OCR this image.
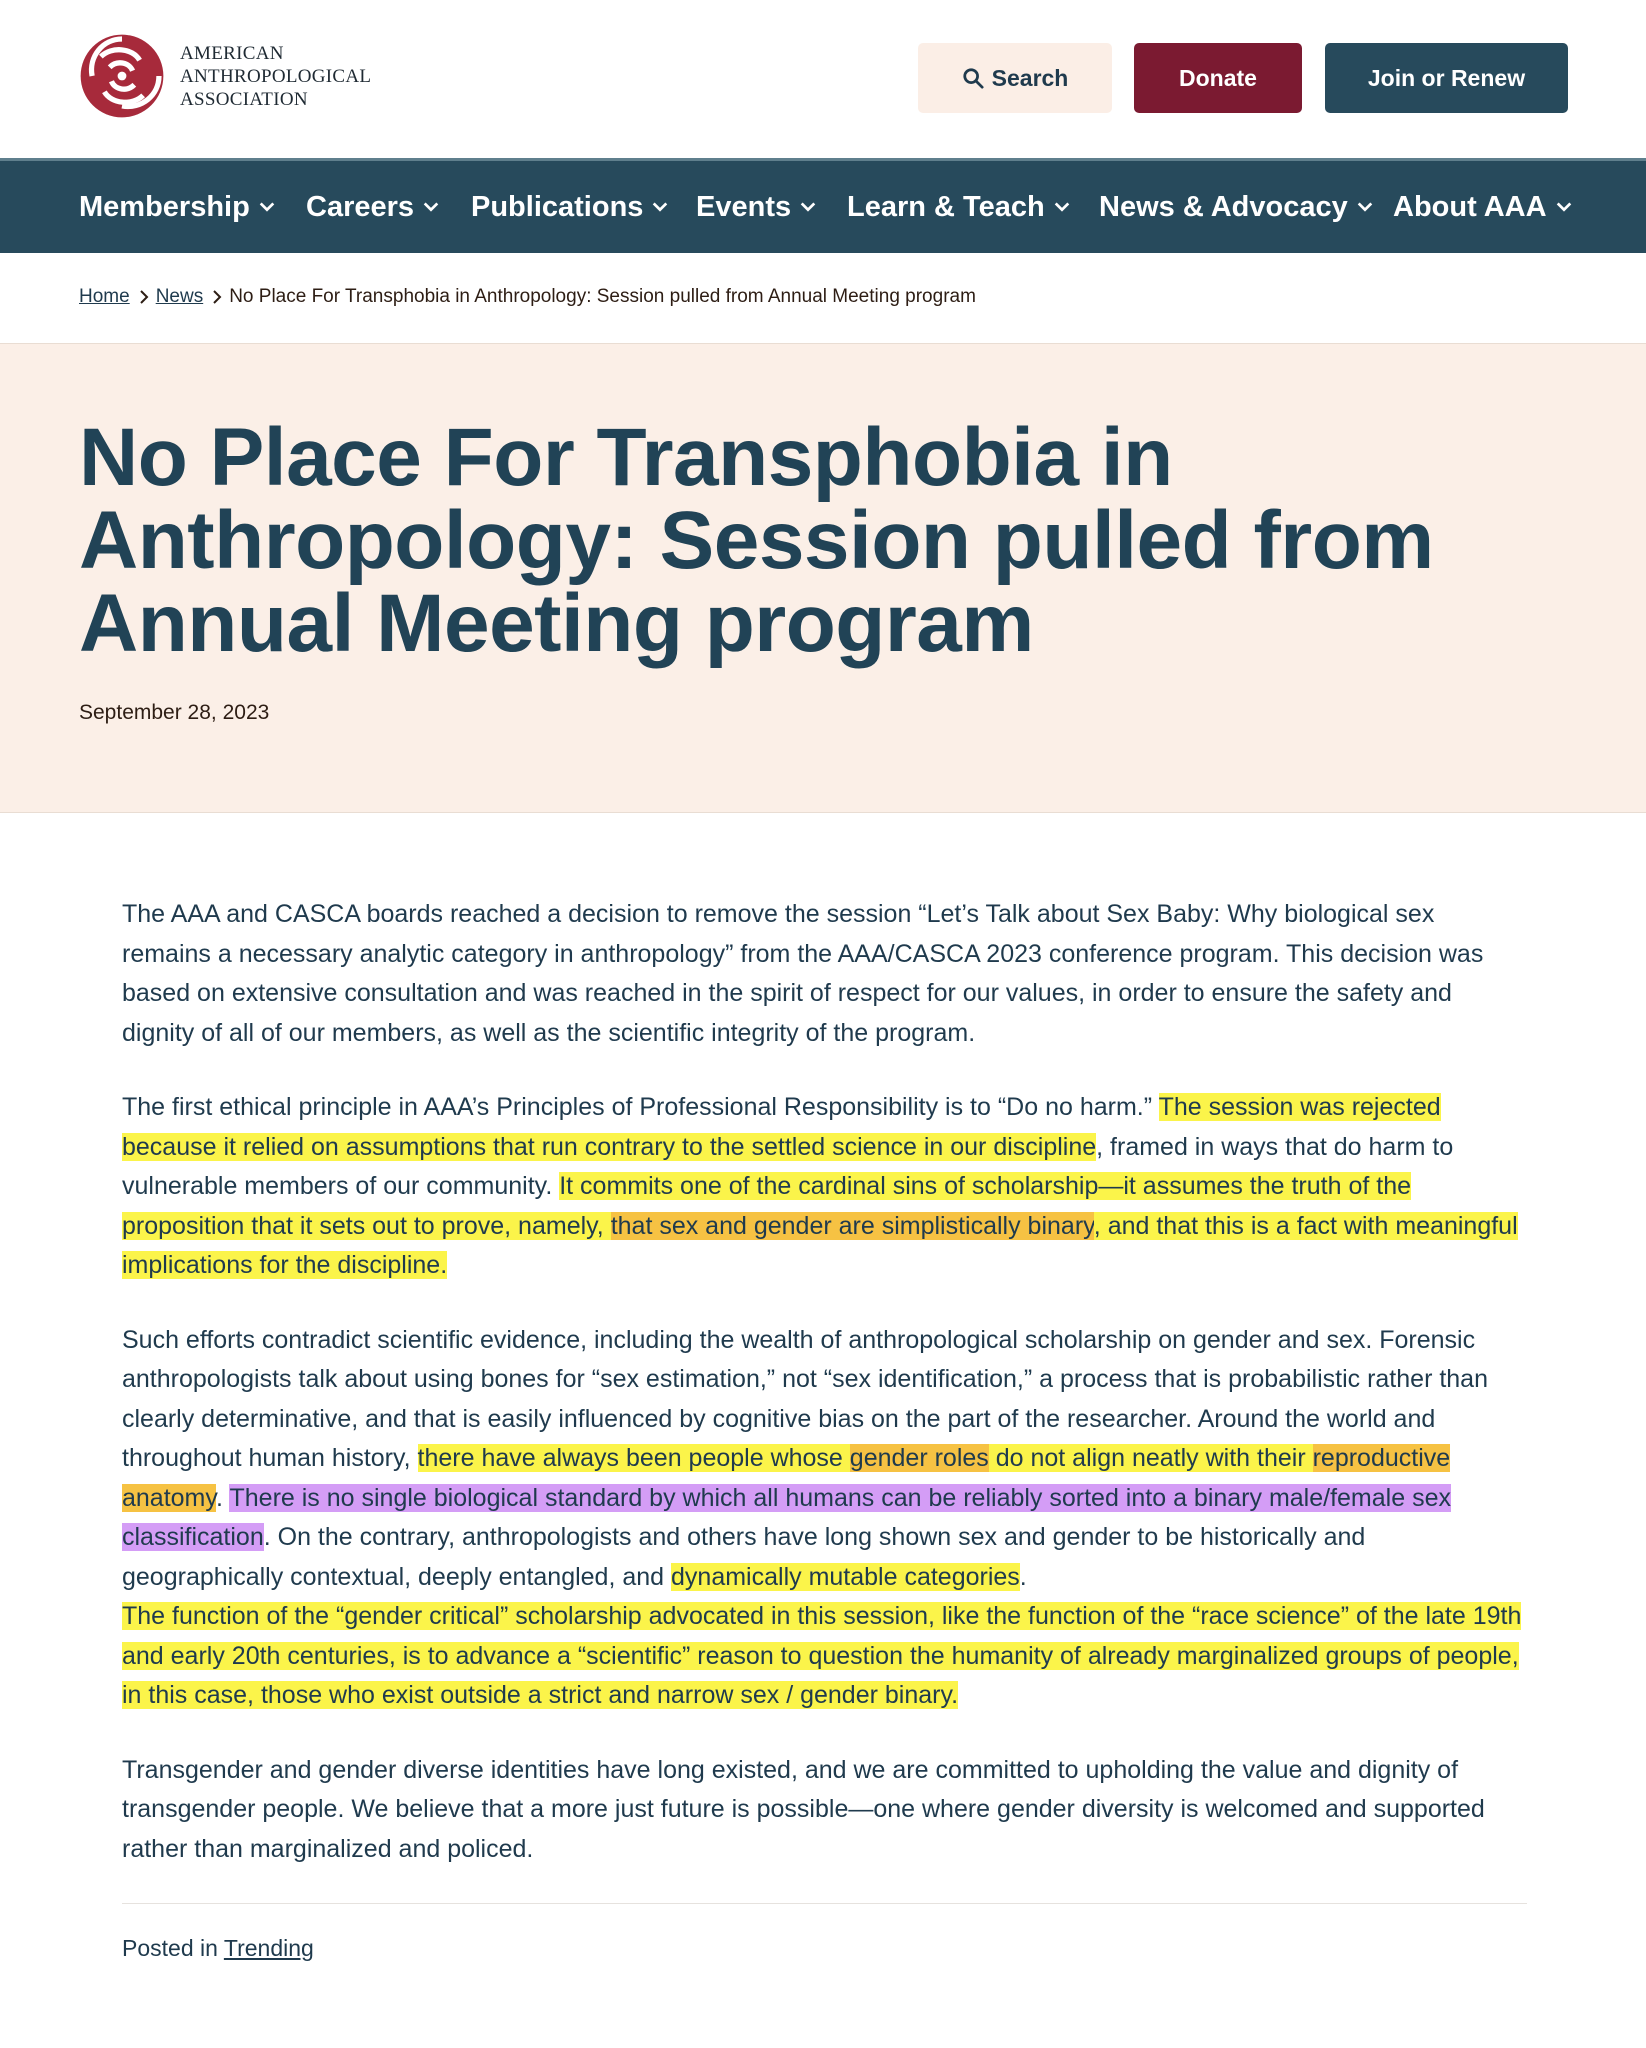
AMERICAN
ANTHROPOLOGICAL
ASSOCIATION
Search	Donate	Join or Renew
Membership Careers Publications Events Learn & Teach News & Advocacy About AAA
Home News No Place For Transphobia in Anthropology: Session pulled from Annual Meeting program
No Place For Transphobia in Anthropology: Session pulled from Annual Meeting program
September 28, 2023

The AAA and CASCA boards reached a decision to remove the session “Let’s Talk about Sex Baby: Why biological sex remains a necessary analytic category in anthropology” from the AAA/CASCA 2023 conference program. This decision was based on extensive consultation and was reached in the spirit of respect for our values, in order to ensure the safety and dignity of all of our members, as well as the scientific integrity of the program.

The first ethical principle in AAA’s Principles of Professional Responsibility is to “Do no harm.” The session was rejected because it relied on assumptions that run contrary to the settled science in our discipline, framed in ways that do harm to vulnerable members of our community. It commits one of the cardinal sins of scholarship—it assumes the truth of the proposition that it sets out to prove, namely, that sex and gender are simplistically binary, and that this is a fact with meaningful implications for the discipline.

Such efforts contradict scientific evidence, including the wealth of anthropological scholarship on gender and sex. Forensic anthropologists talk about using bones for “sex estimation,” not “sex identification,” a process that is probabilistic rather than clearly determinative, and that is easily influenced by cognitive bias on the part of the researcher. Around the world and throughout human history, there have always been people whose gender roles do not align neatly with their reproductive anatomy. There is no single biological standard by which all humans can be reliably sorted into a binary male/female sex classification. On the contrary, anthropologists and others have long shown sex and gender to be historically and geographically contextual, deeply entangled, and dynamically mutable categories.
The function of the “gender critical” scholarship advocated in this session, like the function of the “race science” of the late 19th and early 20th centuries, is to advance a “scientific” reason to question the humanity of already marginalized groups of people, in this case, those who exist outside a strict and narrow sex / gender binary.

Transgender and gender diverse identities have long existed, and we are committed to upholding the value and dignity of transgender people. We believe that a more just future is possible—one where gender diversity is welcomed and supported rather than marginalized and policed.

Posted in Trending
